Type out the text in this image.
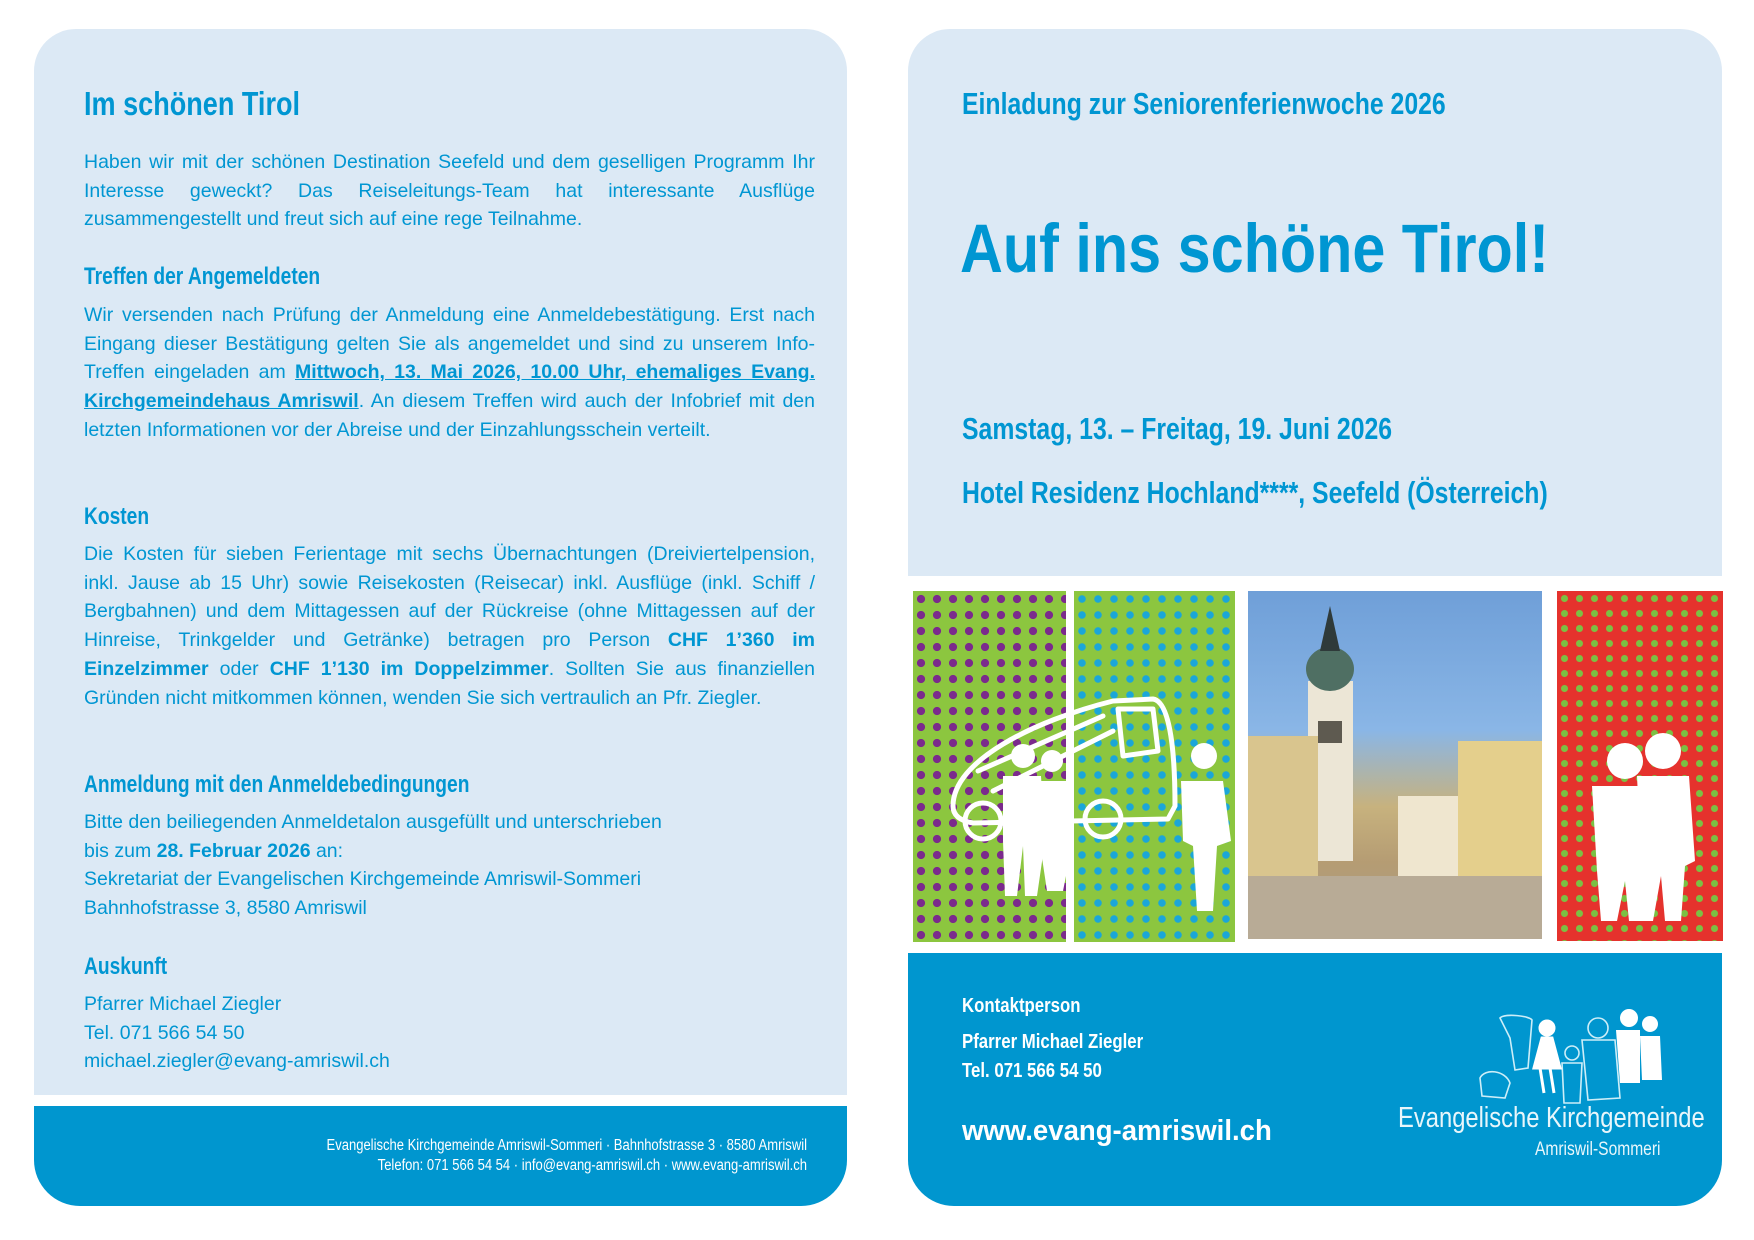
Im schönen Tirol

Haben wir mit der schönen Destination Seefeld und dem geselligen Programm Ihr Interesse geweckt? Das Reiseleitungs-Team hat interessante Ausflüge zusammengestellt und freut sich auf eine rege Teilnahme.

Treffen der Angemeldeten

Wir versenden nach Prüfung der Anmeldung eine Anmeldebestätigung. Erst nach Eingang dieser Bestätigung gelten Sie als angemeldet und sind zu unserem Info-Treffen eingeladen am Mittwoch, 13. Mai 2026, 10.00 Uhr, ehemaliges Evang. Kirchgemeindehaus Amriswil. An diesem Treffen wird auch der Infobrief mit den letzten Informationen vor der Abreise und der Einzahlungsschein verteilt.

Kosten

Die Kosten für sieben Ferientage mit sechs Übernachtungen (Dreiviertelpension, inkl. Jause ab 15 Uhr) sowie Reisekosten (Reisecar) inkl. Ausflüge (inkl. Schiff / Bergbahnen) und dem Mittagessen auf der Rückreise (ohne Mittagessen auf der Hinreise, Trinkgelder und Getränke) betragen pro Person CHF 1’360 im Einzelzimmer oder CHF 1’130 im Doppelzimmer. Sollten Sie aus finanziellen Gründen nicht mitkommen können, wenden Sie sich vertraulich an Pfr. Ziegler.

Anmeldung mit den Anmeldebedingungen
Bitte den beiliegenden Anmeldetalon ausgefüllt und unterschrieben
bis zum 28. Februar 2026 an:
Sekretariat der Evangelischen Kirchgemeinde Amriswil-Sommeri
Bahnhofstrasse 3, 8580 Amriswil
Auskunft
Pfarrer Michael Ziegler
Tel. 071 566 54 50
michael.ziegler@evang-amriswil.ch
Evangelische Kirchgemeinde Amriswil-Sommeri · Bahnhofstrasse 3 · 8580 Amriswil
Telefon: 071 566 54 54 · info@evang-amriswil.ch · www.evang-amriswil.ch
Einladung zur Seniorenferienwoche 2026
Auf ins schöne Tirol!
Samstag, 13. – Freitag, 19. Juni 2026
Hotel Residenz Hochland****, Seefeld (Österreich)
Kontaktperson
Pfarrer Michael Ziegler
Tel. 071 566 54 50
www.evang-amriswil.ch	Evangelische Kirchgemeinde
Amriswil-Sommeri
